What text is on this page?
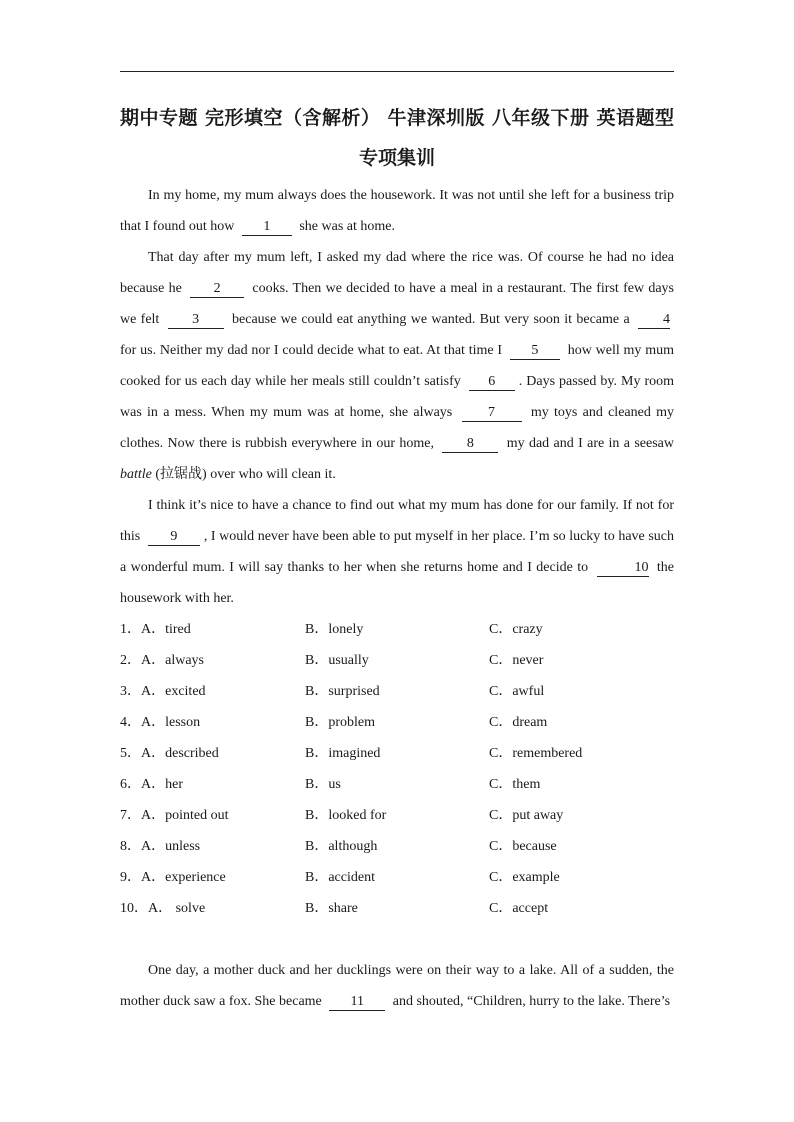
期中专题 完形填空（含解析） 牛津深圳版 八年级下册 英语题型专项集训

In my home, my mum always does the housework. It was not until she left for a business trip that I found out how 1 she was at home.

That day after my mum left, I asked my dad where the rice was. Of course he had no idea because he 2 cooks. Then we decided to have a meal in a restaurant. The first few days we felt 3 because we could eat anything we wanted. But very soon it became a 4 for us. Neither my dad nor I could decide what to eat. At that time I 5 how well my mum cooked for us each day while her meals still couldn’t satisfy 6 . Days passed by. My room was in a mess. When my mum was at home, she always	7	my toys and cleaned my clothes. Now there is rubbish everywhere in our home, 8 my dad and I are in a seesaw battle (拉锯战) over who will clean it.

I think it’s nice to have a chance to find out what my mum has done for our family. If not for this 9 , I would never have been able to put myself in her place. I’m so lucky to have such a wonderful mum. I will say thanks to her when she returns home and I decide to	10 the housework with her.

1． A．tired	B．lonely	C．crazy
2． A．always	B．usually	C．never
3． A．excited	B．surprised	C．awful
4． A．lesson	B．problem	C．dream
5． A．described	B．imagined	C．remembered
6． A．her	B．us	C．them
7． A．pointed out	B．looked for	C．put away
8． A．unless	B．although	C．because
9． A．experience	B．accident	C．example
10． A． solve	B．share	C．accept

One day, a mother duck and her ducklings were on their way to a lake. All of a sudden, the mother duck saw a fox. She became 11 and shouted, “Children, hurry to the lake. There’s
